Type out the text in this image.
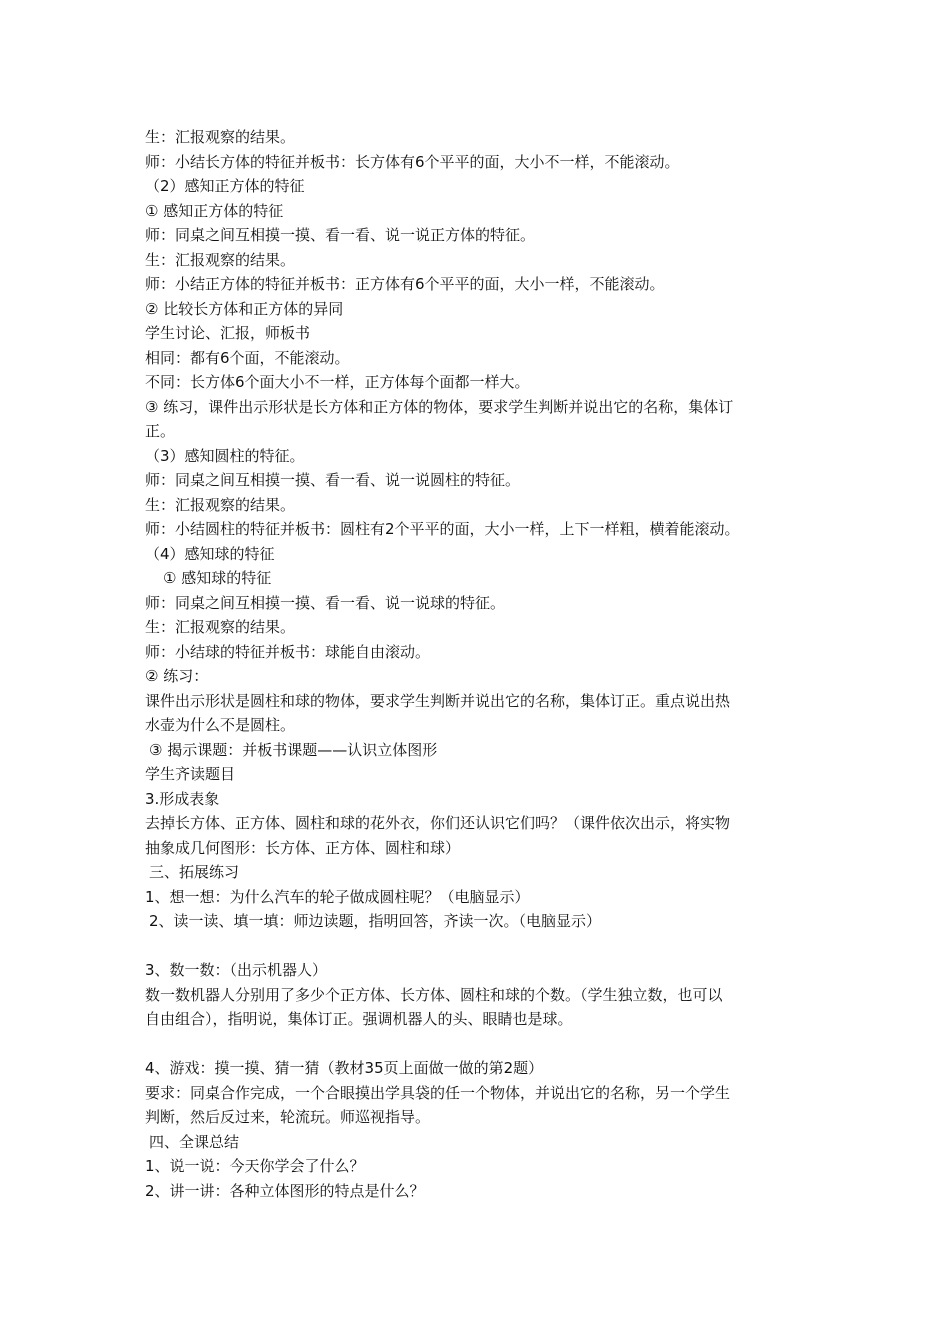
生：汇报观察的结果。
师：小结长方体的特征并板书：长方体有6个平平的面，大小不一样，不能滚动。
（2）感知正方体的特征
① 感知正方体的特征
师：同桌之间互相摸一摸、看一看、说一说正方体的特征。
生：汇报观察的结果。
师：小结正方体的特征并板书：正方体有6个平平的面，大小一样，不能滚动。
② 比较长方体和正方体的异同
学生讨论、汇报，师板书
相同：都有6个面，不能滚动。
不同：长方体6个面大小不一样，正方体每个面都一样大。
③ 练习，课件出示形状是长方体和正方体的物体，要求学生判断并说出它的名称，集体订
正。
（3）感知圆柱的特征。
师：同桌之间互相摸一摸、看一看、说一说圆柱的特征。
生：汇报观察的结果。
师：小结圆柱的特征并板书：圆柱有2个平平的面，大小一样，上下一样粗，横着能滚动。
（4）感知球的特征
① 感知球的特征
师：同桌之间互相摸一摸、看一看、说一说球的特征。
生：汇报观察的结果。
师：小结球的特征并板书：球能自由滚动。
② 练习：
课件出示形状是圆柱和球的物体，要求学生判断并说出它的名称，集体订正。重点说出热
水壶为什么不是圆柱。
③ 揭示课题：并板书课题——认识立体图形
学生齐读题目
3.形成表象
去掉长方体、正方体、圆柱和球的花外衣，你们还认识它们吗？（课件依次出示，将实物
抽象成几何图形：长方体、正方体、圆柱和球）
三、拓展练习
1、想一想：为什么汽车的轮子做成圆柱呢？（电脑显示）
2、读一读、填一填：师边读题，指明回答，齐读一次。（电脑显示）
3、数一数：（出示机器人）
数一数机器人分别用了多少个正方体、长方体、圆柱和球的个数。（学生独立数，也可以
自由组合），指明说，集体订正。强调机器人的头、眼睛也是球。
4、游戏：摸一摸、猜一猜（教材35页上面做一做的第2题）
要求：同桌合作完成，一个合眼摸出学具袋的任一个物体，并说出它的名称，另一个学生
判断，然后反过来，轮流玩。师巡视指导。
四、全课总结
1、说一说：今天你学会了什么？
2、讲一讲：各种立体图形的特点是什么？
